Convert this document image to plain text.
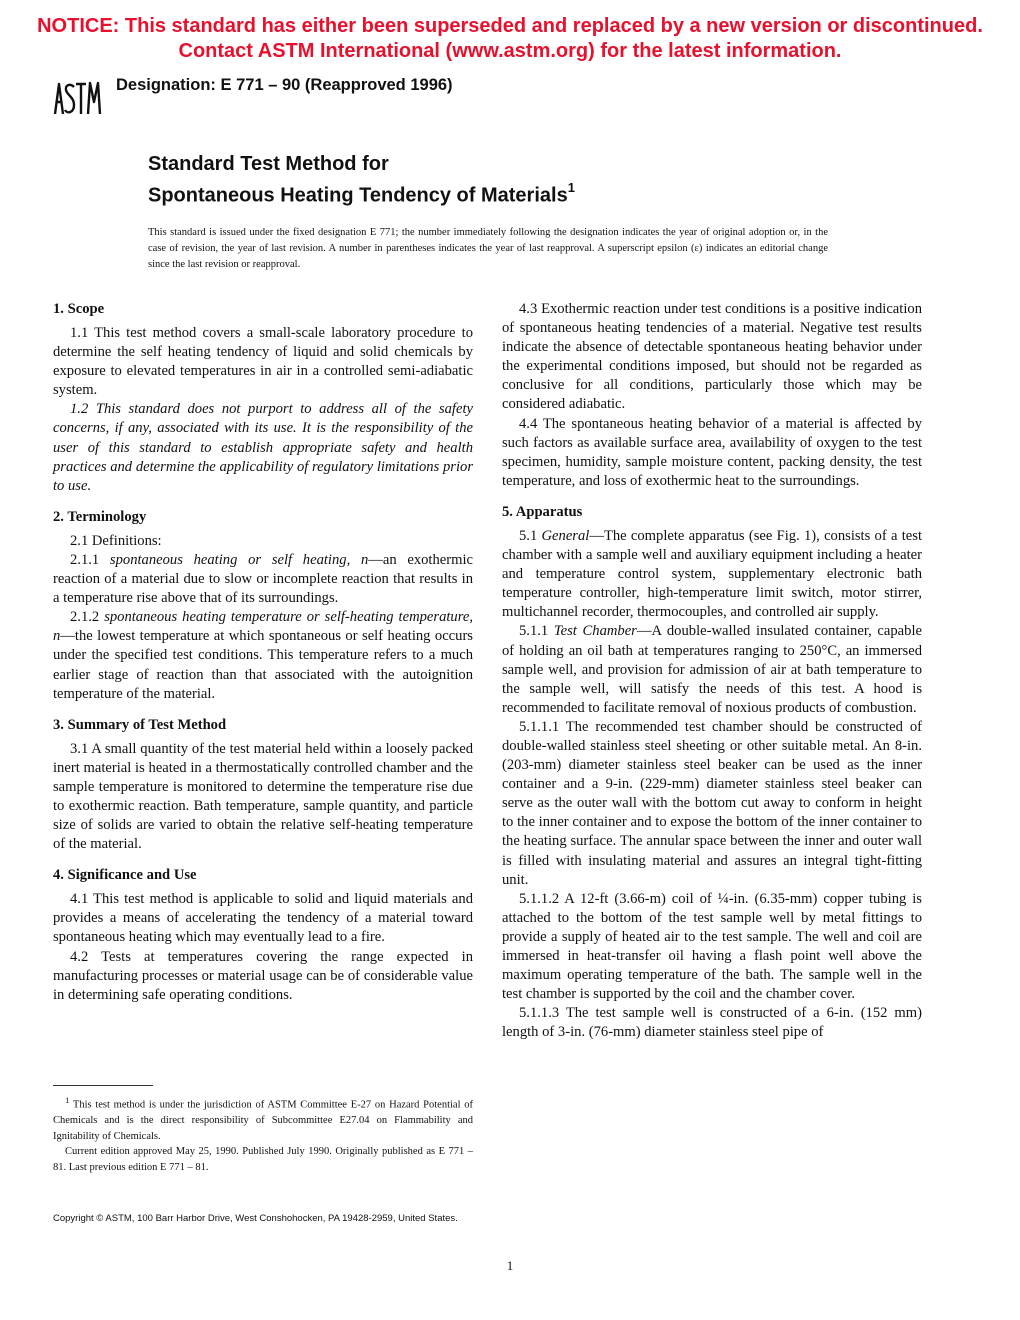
NOTICE: This standard has either been superseded and replaced by a new version or discontinued.
Contact ASTM International (www.astm.org) for the latest information.
Designation: E 771 – 90 (Reapproved 1996)
Standard Test Method for
Spontaneous Heating Tendency of Materials$^1$
This standard is issued under the fixed designation E 771; the number immediately following the designation indicates the year of original adoption or, in the case of revision, the year of last revision. A number in parentheses indicates the year of last reapproval. A superscript epsilon (ε) indicates an editorial change since the last revision or reapproval.
1. Scope

1.1 This test method covers a small-scale laboratory procedure to determine the self heating tendency of liquid and solid chemicals by exposure to elevated temperatures in air in a controlled semi-adiabatic system.

1.2 This standard does not purport to address all of the safety concerns, if any, associated with its use. It is the responsibility of the user of this standard to establish appropriate safety and health practices and determine the applicability of regulatory limitations prior to use.

2. Terminology

2.1 Definitions:

2.1.1 spontaneous heating or self heating, n—an exothermic reaction of a material due to slow or incomplete reaction that results in a temperature rise above that of its surroundings.

2.1.2 spontaneous heating temperature or self-heating temperature, n—the lowest temperature at which spontaneous or self heating occurs under the specified test conditions. This temperature refers to a much earlier stage of reaction than that associated with the autoignition temperature of the material.

3. Summary of Test Method

3.1 A small quantity of the test material held within a loosely packed inert material is heated in a thermostatically controlled chamber and the sample temperature is monitored to determine the temperature rise due to exothermic reaction. Bath temperature, sample quantity, and particle size of solids are varied to obtain the relative self-heating temperature of the material.

4. Significance and Use

4.1 This test method is applicable to solid and liquid materials and provides a means of accelerating the tendency of a material toward spontaneous heating which may eventually lead to a fire.

4.2 Tests at temperatures covering the range expected in manufacturing processes or material usage can be of considerable value in determining safe operating conditions.

4.3 Exothermic reaction under test conditions is a positive indication of spontaneous heating tendencies of a material. Negative test results indicate the absence of detectable spontaneous heating behavior under the experimental conditions imposed, but should not be regarded as conclusive for all conditions, particularly those which may be considered adiabatic.

4.4 The spontaneous heating behavior of a material is affected by such factors as available surface area, availability of oxygen to the test specimen, humidity, sample moisture content, packing density, the test temperature, and loss of exothermic heat to the surroundings.

5. Apparatus

5.1 General—The complete apparatus (see Fig. 1), consists of a test chamber with a sample well and auxiliary equipment including a heater and temperature control system, supplementary electronic bath temperature controller, high-temperature limit switch, motor stirrer, multichannel recorder, thermocouples, and controlled air supply.

5.1.1 Test Chamber—A double-walled insulated container, capable of holding an oil bath at temperatures ranging to 250°C, an immersed sample well, and provision for admission of air at bath temperature to the sample well, will satisfy the needs of this test. A hood is recommended to facilitate removal of noxious products of combustion.

5.1.1.1 The recommended test chamber should be constructed of double-walled stainless steel sheeting or other suitable metal. An 8-in. (203-mm) diameter stainless steel beaker can be used as the inner container and a 9-in. (229-mm) diameter stainless steel beaker can serve as the outer wall with the bottom cut away to conform in height to the inner container and to expose the bottom of the inner container to the heating surface. The annular space between the inner and outer wall is filled with insulating material and assures an integral tight-fitting unit.

5.1.1.2 A 12-ft (3.66-m) coil of ¼-in. (6.35-mm) copper tubing is attached to the bottom of the test sample well by metal fittings to provide a supply of heated air to the test sample. The well and coil are immersed in heat-transfer oil having a flash point well above the maximum operating temperature of the bath. The sample well in the test chamber is supported by the coil and the chamber cover.

5.1.1.3 The test sample well is constructed of a 6-in. (152 mm) length of 3-in. (76-mm) diameter stainless steel pipe of

$^1$ This test method is under the jurisdiction of ASTM Committee E-27 on Hazard Potential of Chemicals and is the direct responsibility of Subcommittee E27.04 on Flammability and Ignitability of Chemicals.

Current edition approved May 25, 1990. Published July 1990. Originally published as E 771 – 81. Last previous edition E 771 – 81.

Copyright © ASTM, 100 Barr Harbor Drive, West Conshohocken, PA 19428-2959, United States.
1
